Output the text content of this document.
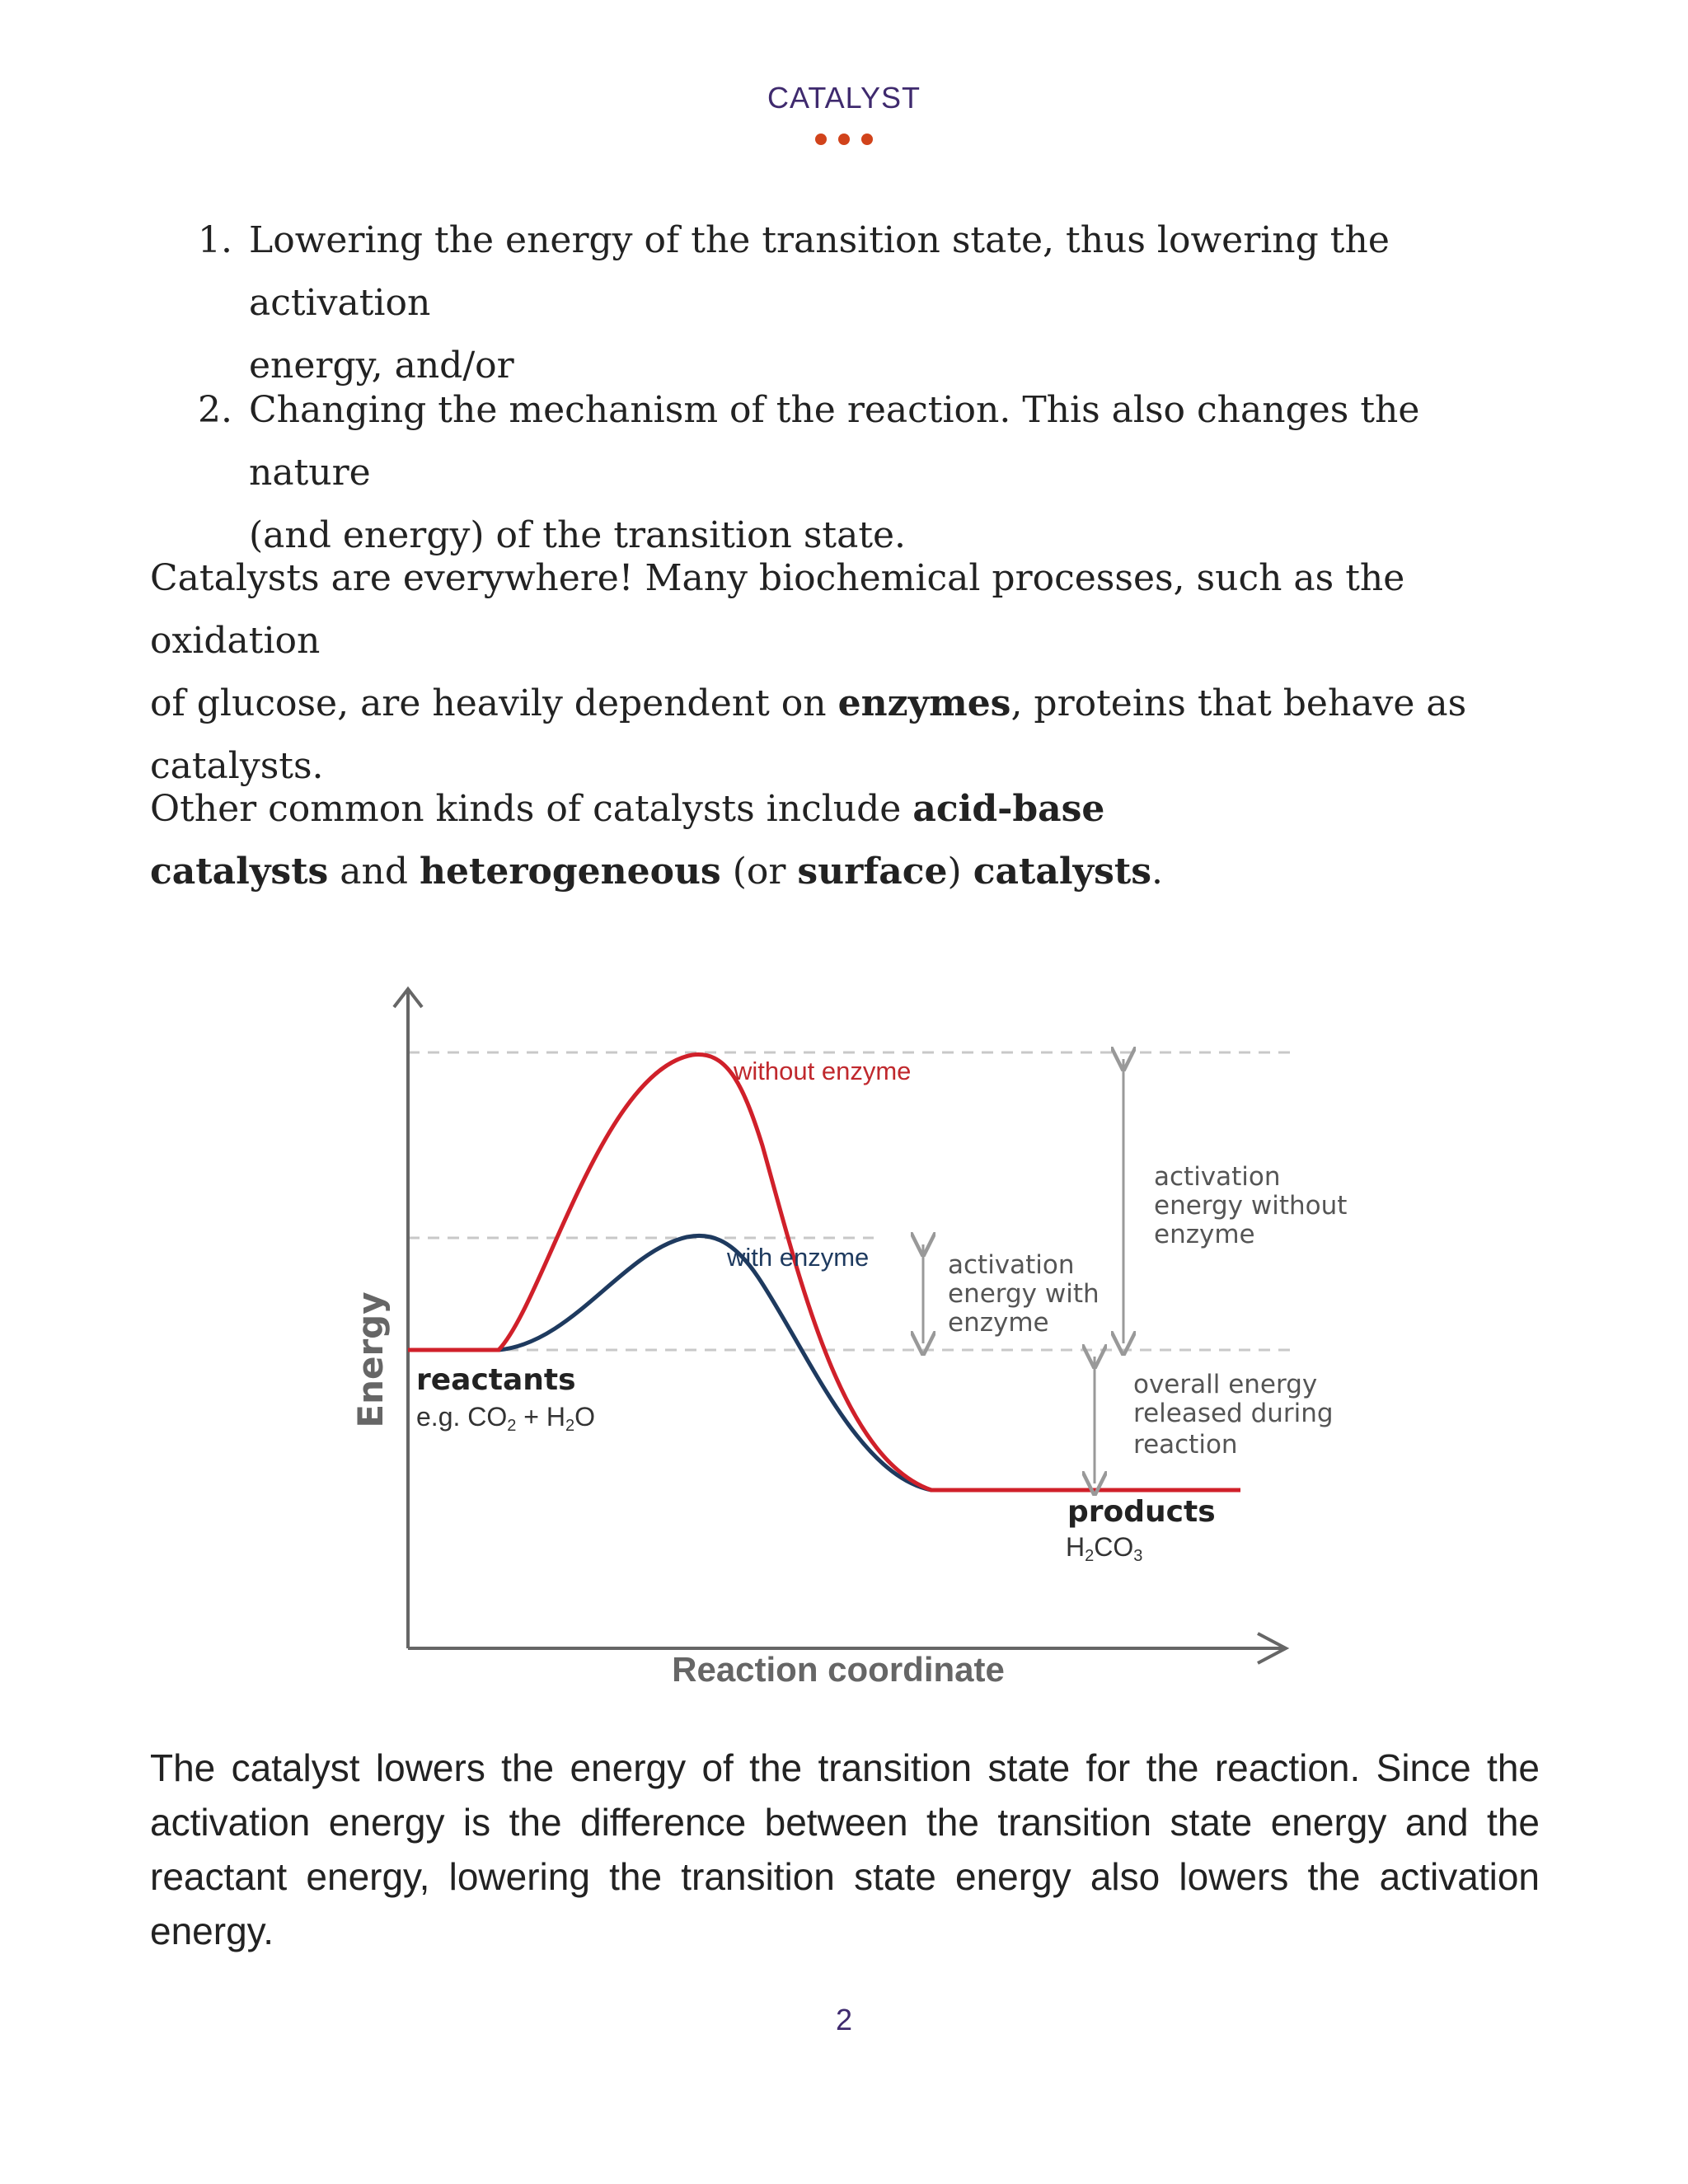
CATALYST
1. Lowering the energy of the transition state, thus lowering the activation
energy, and/or
2. Changing the mechanism of the reaction. This also changes the nature
(and energy) of the transition state.
Catalysts are everywhere! Many biochemical processes, such as the oxidation
of glucose, are heavily dependent on enzymes, proteins that behave as
catalysts.
Other common kinds of catalysts include acid-base
catalysts and heterogeneous (or surface) catalysts.
without enzyme
with enzyme	activation energy with enzyme
activation energy without enzyme
overall energy released during reaction
reactants
e.g. CO2 + H2O
products
H2CO3
Reaction coordinate
Energy
The catalyst lowers the energy of the transition state for the reaction. Since the activation energy is the difference between the transition state energy and the reactant energy, lowering the transition state energy also lowers the activation energy.
2
